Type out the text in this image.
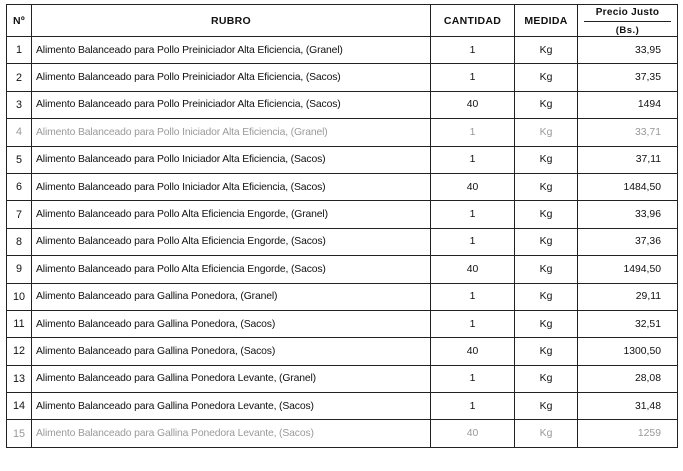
Nº	RUBRO	CANTIDAD	MEDIDA	Precio Justo
(Bs.)

1	Alimento Balanceado para Pollo Preiniciador Alta Eficiencia, (Granel)	1	Kg	33,95
2	Alimento Balanceado para Pollo Preiniciador Alta Eficiencia, (Sacos)	1	Kg	37,35
3	Alimento Balanceado para Pollo Preiniciador Alta Eficiencia, (Sacos)	40	Kg	1494
4	Alimento Balanceado para Pollo Iniciador Alta Eficiencia, (Granel)	1	Kg	33,71
5	Alimento Balanceado para Pollo Iniciador Alta Eficiencia, (Sacos)	1	Kg	37,11
6	Alimento Balanceado para Pollo Iniciador Alta Eficiencia, (Sacos)	40	Kg	1484,50
7	Alimento Balanceado para Pollo Alta Eficiencia Engorde, (Granel)	1	Kg	33,96
8	Alimento Balanceado para Pollo Alta Eficiencia Engorde, (Sacos)	1	Kg	37,36
9	Alimento Balanceado para Pollo Alta Eficiencia Engorde, (Sacos)	40	Kg	1494,50
10	Alimento Balanceado para Gallina Ponedora, (Granel)	1	Kg	29,11
11	Alimento Balanceado para Gallina Ponedora, (Sacos)	1	Kg	32,51
12	Alimento Balanceado para Gallina Ponedora, (Sacos)	40	Kg	1300,50
13	Alimento Balanceado para Gallina Ponedora Levante, (Granel)	1	Kg	28,08
14	Alimento Balanceado para Gallina Ponedora Levante, (Sacos)	1	Kg	31,48
15	Alimento Balanceado para Gallina Ponedora Levante, (Sacos)	40	Kg	1259
